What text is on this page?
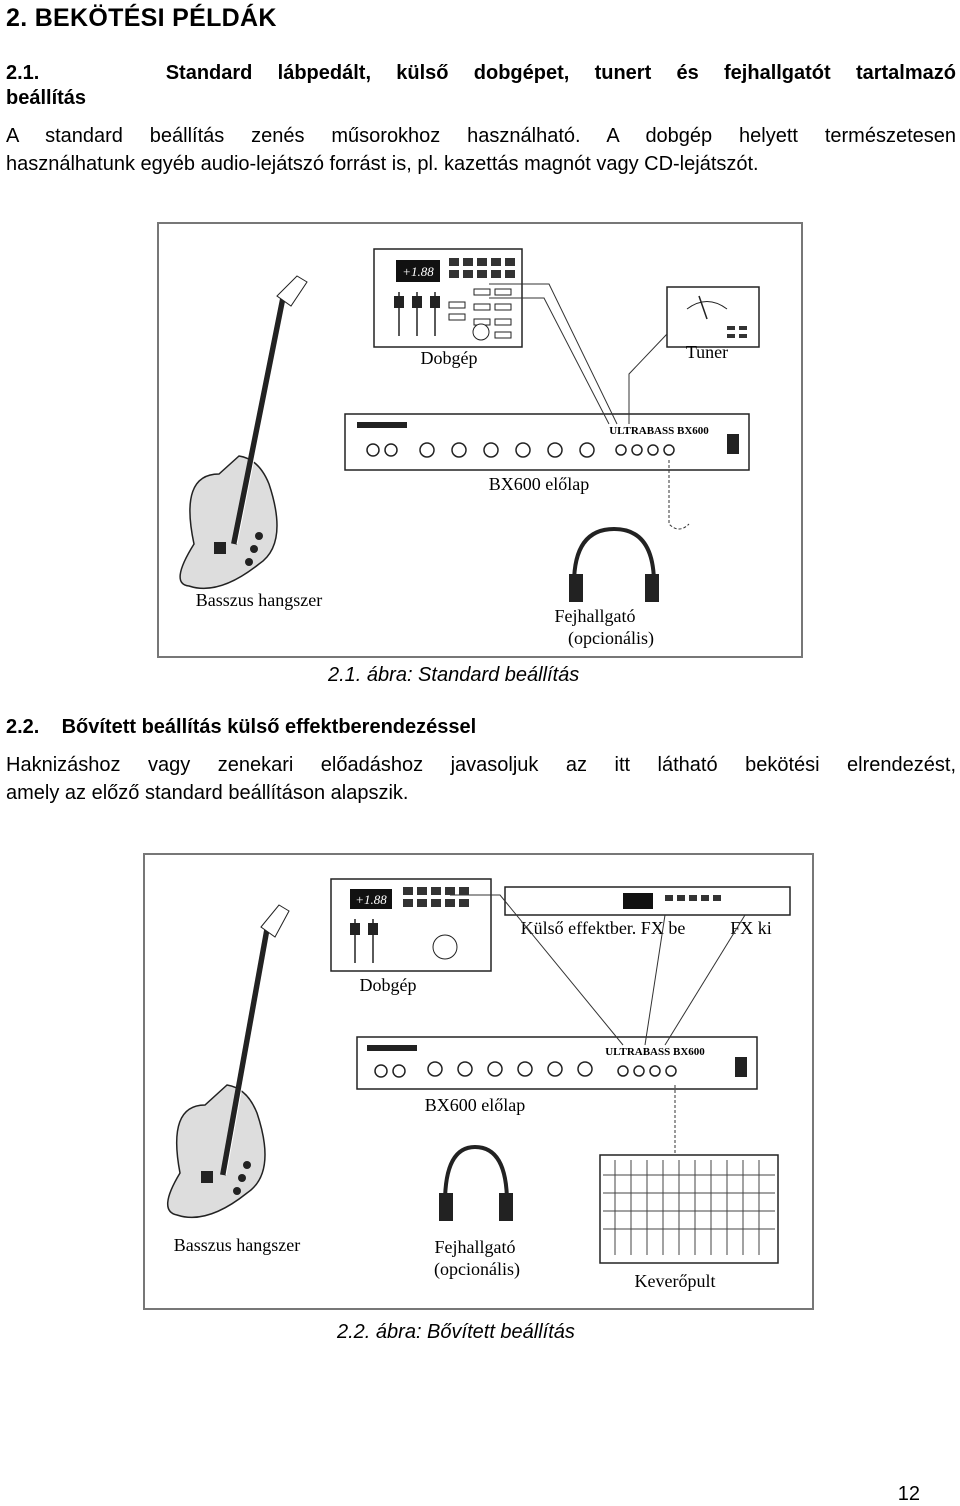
2. BEKÖTÉSI PÉLDÁK
2.1.	Standard lábpedált, külső dobgépet, tunert és fejhallgatót tartalmazó
beállítás
A standard beállítás zenés műsorokhoz használható. A dobgép helyett természetesen
használhatunk egyéb audio-lejátszó forrást is, pl. kazettás magnót vagy CD-lejátszót.
+1.88
Dobgép	Tuner
ULTRABASS BX600
BX600 előlap
Basszus hangszer
Fejhallgató
(opcionális)
2.1. ábra: Standard beállítás
2.2. Bővített beállítás külső effektberendezéssel
Haknizáshoz vagy zenekari előadáshoz javasoljuk az itt látható bekötési elrendezést,
amely az előző standard beállításon alapszik.
+1.88
Dobgép
Külső effektber. FX be FX ki
ULTRABASS BX600
BX600 előlap
Keverőpult
Basszus hangszer	Fejhallgató
(opcionális)
2.2. ábra: Bővített beállítás
12
